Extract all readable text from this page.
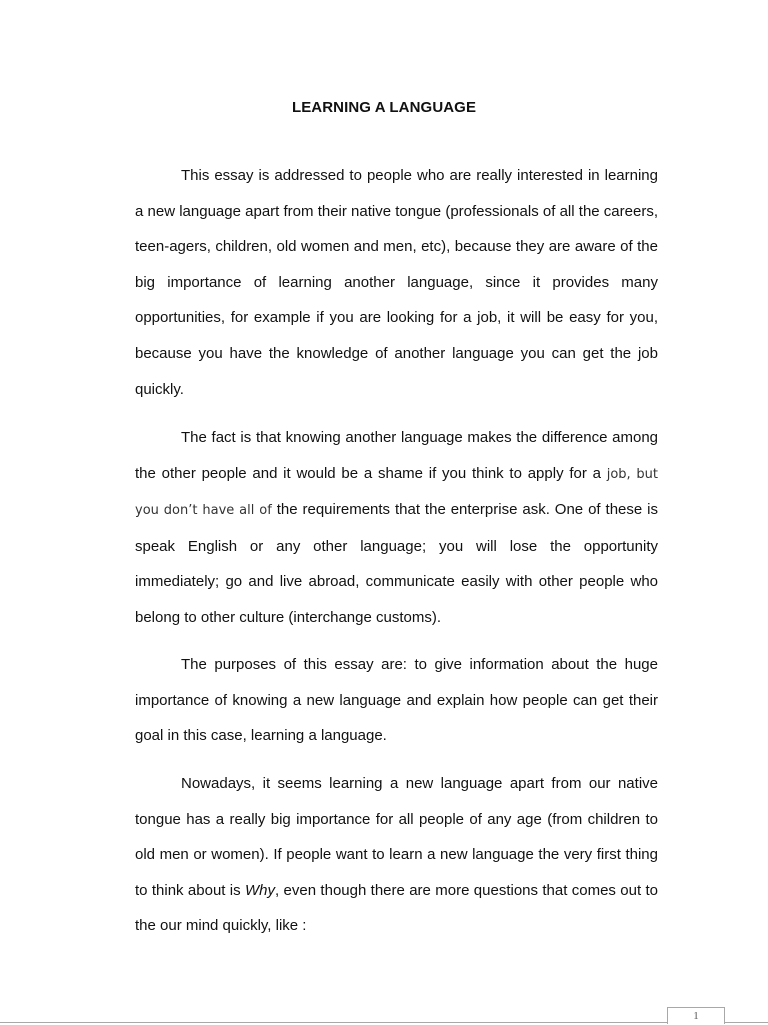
LEARNING A LANGUAGE

This essay is addressed to people who are really interested in learning a new language apart from their native tongue (professionals of all the careers, teen-agers, children, old women and men, etc), because they are aware of the big importance of learning another language, since it provides many opportunities, for example if you are looking for a job, it will be easy for you, because you have the knowledge of another language you can get the job quickly.

The fact is that knowing another language makes the difference among the other people and it would be a shame if you think to apply for a job, but you don’t have all of the requirements that the enterprise ask. One of these is speak English or any other language; you will lose the opportunity immediately; go and live abroad, communicate easily with other people who belong to other culture (interchange customs).

The purposes of this essay are: to give information about the huge importance of knowing a new language and explain how people can get their goal in this case, learning a language.

Nowadays, it seems learning a new language apart from our native tongue has a really big importance for all people of any age (from children to old men or women). If people want to learn a new language the very first thing to think about is Why, even though there are more questions that comes out to the our mind quickly, like :

1
